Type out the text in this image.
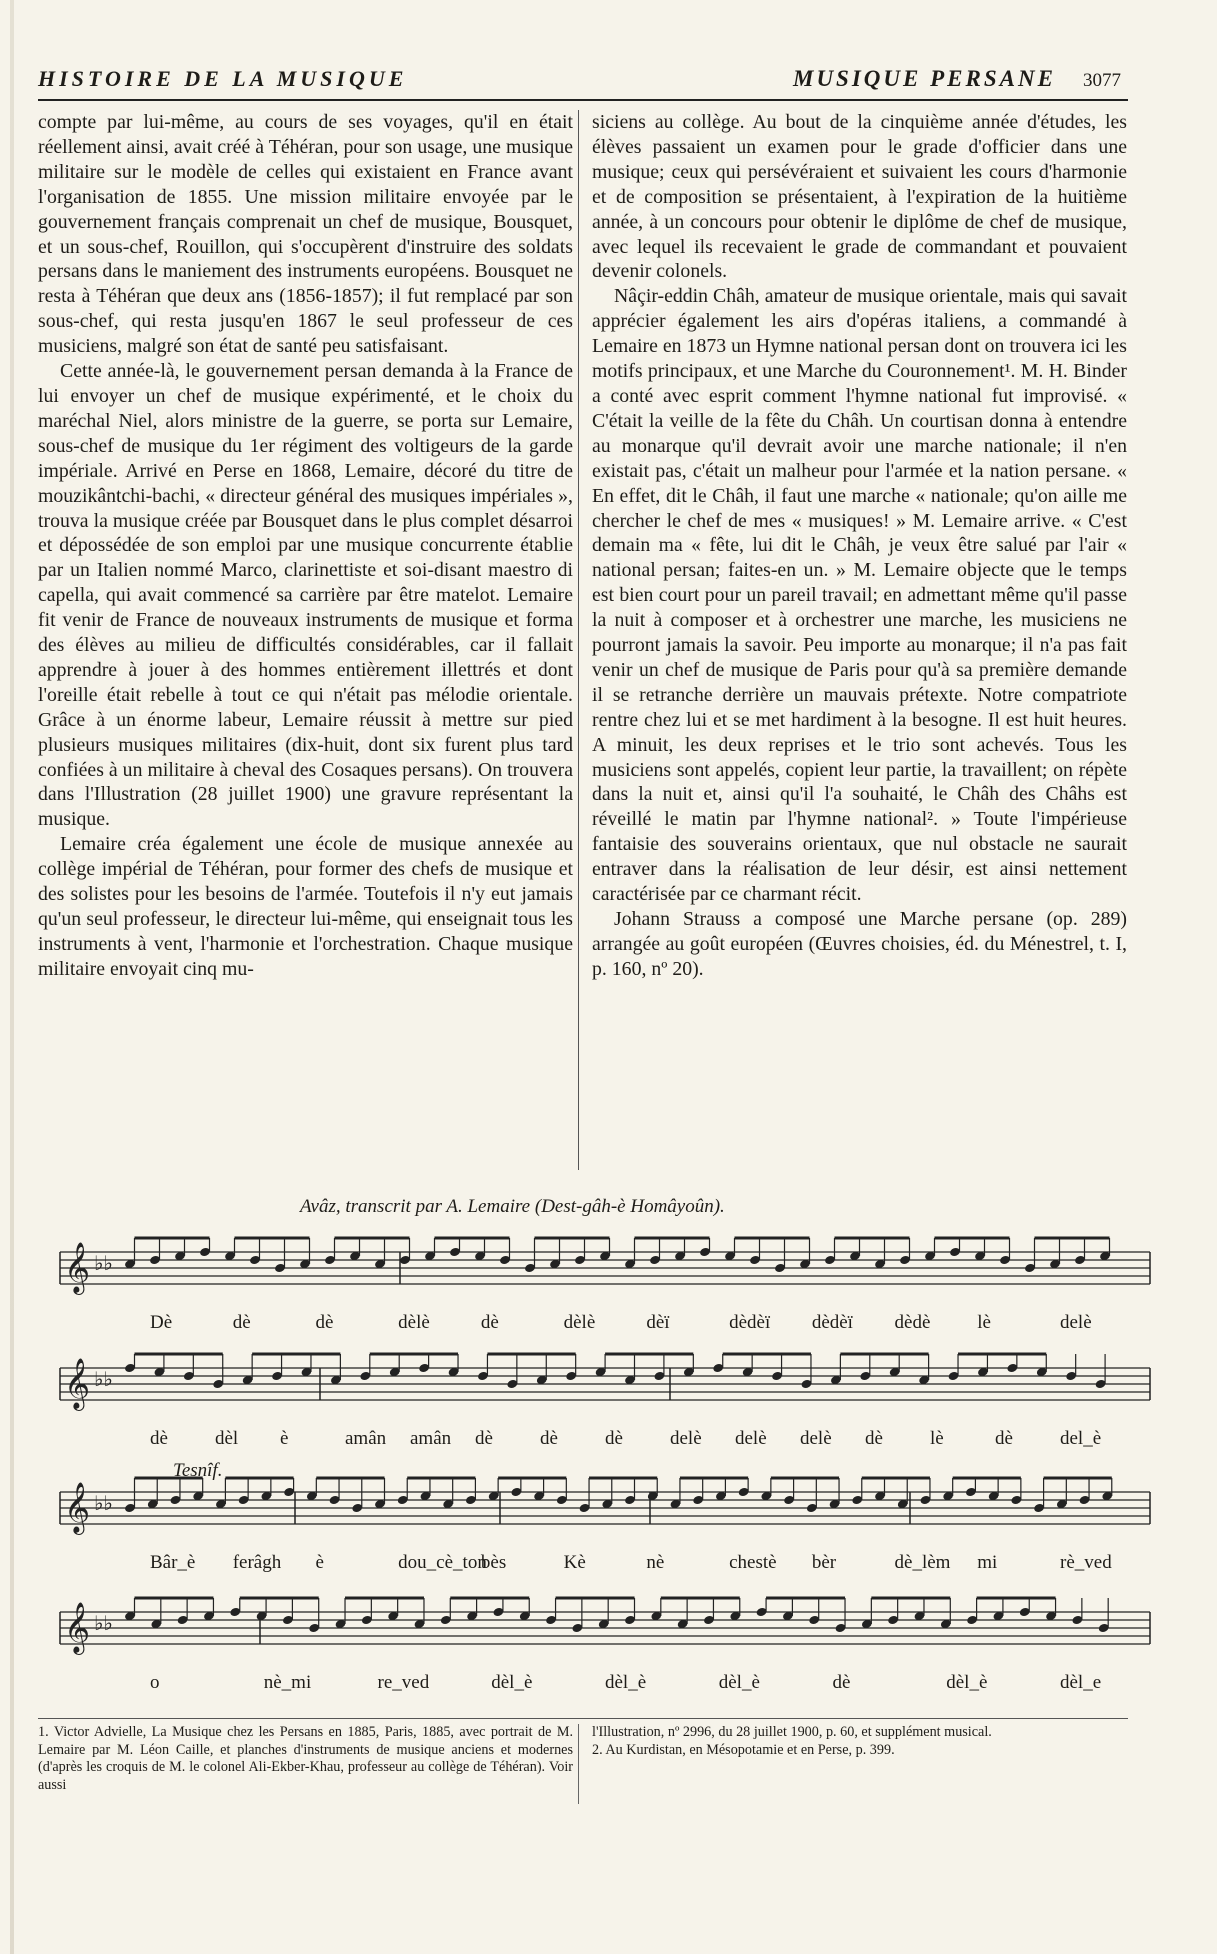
HISTOIRE DE LA MUSIQUE	MUSIQUE PERSANE 3077

compte par lui-même, au cours de ses voyages, qu'il en était réellement ainsi, avait créé à Téhéran, pour son usage, une musique militaire sur le modèle de celles qui existaient en France avant l'organisation de 1855. Une mission militaire envoyée par le gouvernement français comprenait un chef de musique, Bousquet, et un sous-chef, Rouillon, qui s'occupèrent d'instruire des soldats persans dans le maniement des instruments européens. Bousquet ne resta à Téhéran que deux ans (1856-1857); il fut remplacé par son sous-chef, qui resta jusqu'en 1867 le seul professeur de ces musiciens, malgré son état de santé peu satisfaisant.

Cette année-là, le gouvernement persan demanda à la France de lui envoyer un chef de musique expérimenté, et le choix du maréchal Niel, alors ministre de la guerre, se porta sur Lemaire, sous-chef de musique du 1er régiment des voltigeurs de la garde impériale. Arrivé en Perse en 1868, Lemaire, décoré du titre de mouzikântchi-bachi, « directeur général des musiques impériales », trouva la musique créée par Bousquet dans le plus complet désarroi et dépossédée de son emploi par une musique concurrente établie par un Italien nommé Marco, clarinettiste et soi-disant maestro di capella, qui avait commencé sa carrière par être matelot. Lemaire fit venir de France de nouveaux instruments de musique et forma des élèves au milieu de difficultés considérables, car il fallait apprendre à jouer à des hommes entièrement illettrés et dont l'oreille était rebelle à tout ce qui n'était pas mélodie orientale. Grâce à un énorme labeur, Lemaire réussit à mettre sur pied plusieurs musiques militaires (dix-huit, dont six furent plus tard confiées à un militaire à cheval des Cosaques persans). On trouvera dans l'Illustration (28 juillet 1900) une gravure représentant la musique.

Lemaire créa également une école de musique annexée au collège impérial de Téhéran, pour former des chefs de musique et des solistes pour les besoins de l'armée. Toutefois il n'y eut jamais qu'un seul professeur, le directeur lui-même, qui enseignait tous les instruments à vent, l'harmonie et l'orchestration. Chaque musique militaire envoyait cinq mu-

siciens au collège. Au bout de la cinquième année d'études, les élèves passaient un examen pour le grade d'officier dans une musique; ceux qui persévéraient et suivaient les cours d'harmonie et de composition se présentaient, à l'expiration de la huitième année, à un concours pour obtenir le diplôme de chef de musique, avec lequel ils recevaient le grade de commandant et pouvaient devenir colonels.

Nâçir-eddin Châh, amateur de musique orientale, mais qui savait apprécier également les airs d'opéras italiens, a commandé à Lemaire en 1873 un Hymne national persan dont on trouvera ici les motifs principaux, et une Marche du Couronnement¹. M. H. Binder a conté avec esprit comment l'hymne national fut improvisé. « C'était la veille de la fête du Châh. Un courtisan donna à entendre au monarque qu'il devrait avoir une marche nationale; il n'en existait pas, c'était un malheur pour l'armée et la nation persane. « En effet, dit le Châh, il faut une marche « nationale; qu'on aille me chercher le chef de mes « musiques! » M. Lemaire arrive. « C'est demain ma « fête, lui dit le Châh, je veux être salué par l'air « national persan; faites-en un. » M. Lemaire objecte que le temps est bien court pour un pareil travail; en admettant même qu'il passe la nuit à composer et à orchestrer une marche, les musiciens ne pourront jamais la savoir. Peu importe au monarque; il n'a pas fait venir un chef de musique de Paris pour qu'à sa première demande il se retranche derrière un mauvais prétexte. Notre compatriote rentre chez lui et se met hardiment à la besogne. Il est huit heures. A minuit, les deux reprises et le trio sont achevés. Tous les musiciens sont appelés, copient leur partie, la travaillent; on répète dans la nuit et, ainsi qu'il l'a souhaité, le Châh des Châhs est réveillé le matin par l'hymne national². » Toute l'impérieuse fantaisie des souverains orientaux, que nul obstacle ne saurait entraver dans la réalisation de leur désir, est ainsi nettement caractérisée par ce charmant récit.

Johann Strauss a composé une Marche persane (op. 289) arrangée au goût européen (Œuvres choisies, éd. du Ménestrel, t. I, p. 160, nº 20).

Avâz, transcrit par A. Lemaire (Dest-gâh-è Homâyoûn).
𝄞 ♭♭
𝄞 ♭♭
𝄞 ♭♭
𝄞 ♭♭
Tesnîf.
Dè	dè	dè	dèlè	dè	dèlè	dèï	dèdèï dèdèï dèdè lè	delè
dè dèl è	amân amân dè dè dè delè delè delè dè lè	dè del_è
Bâr_è ferâgh è	dou_cè_ton
bès	Kè	nè	chestè bèr	dè_lèm mi	rè_ved
o	nè_mi	re_ved	dèl_è	dèl_è	dèl_è	dè	dèl_è	dèl_e

1. Victor Advielle, La Musique chez les Persans en 1885, Paris, 1885, avec portrait de M. Lemaire par M. Léon Caille, et planches d'instruments de musique anciens et modernes (d'après les croquis de M. le colonel Ali-Ekber-Khau, professeur au collège de Téhéran). Voir aussi

l'Illustration, nº 2996, du 28 juillet 1900, p. 60, et supplément musical.

2. Au Kurdistan, en Mésopotamie et en Perse, p. 399.
